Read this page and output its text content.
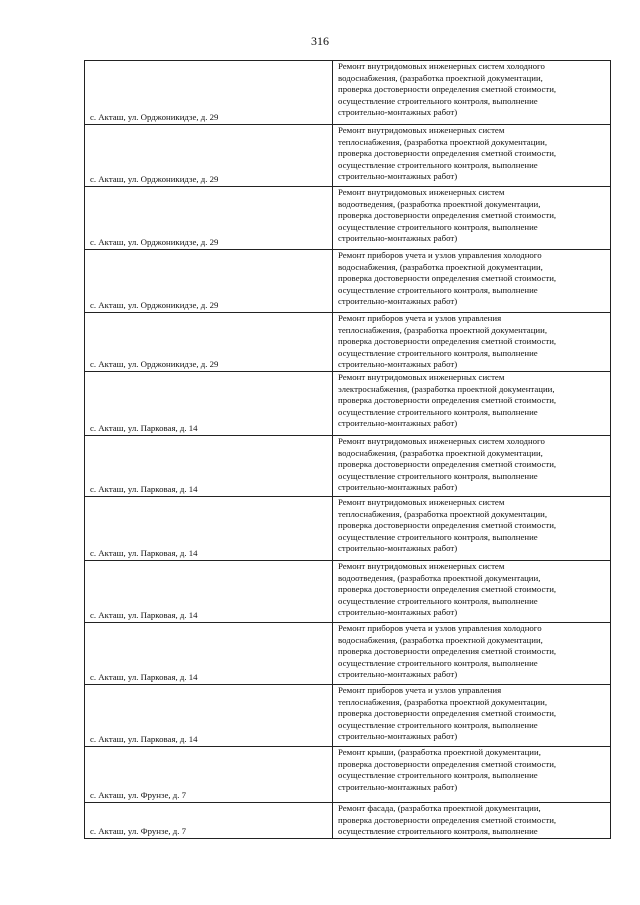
316
с. Акташ, ул. Орджоникидзе, д. 29	Ремонт внутридомовых инженерных систем холодного
водоснабжения, (разработка проектной документации,
проверка достоверности определения сметной стоимости,
осуществление строительного контроля, выполнение
строительно-монтажных работ)

с. Акташ, ул. Орджоникидзе, д. 29	Ремонт внутридомовых инженерных систем
теплоснабжения, (разработка проектной документации,
проверка достоверности определения сметной стоимости,
осуществление строительного контроля, выполнение
строительно-монтажных работ)

с. Акташ, ул. Орджоникидзе, д. 29	Ремонт внутридомовых инженерных систем
водоотведения, (разработка проектной документации,
проверка достоверности определения сметной стоимости,
осуществление строительного контроля, выполнение
строительно-монтажных работ)

с. Акташ, ул. Орджоникидзе, д. 29	Ремонт приборов учета и узлов управления холодного
водоснабжения, (разработка проектной документации,
проверка достоверности определения сметной стоимости,
осуществление строительного контроля, выполнение
строительно-монтажных работ)

с. Акташ, ул. Орджоникидзе, д. 29	Ремонт приборов учета и узлов управления
теплоснабжения, (разработка проектной документации,
проверка достоверности определения сметной стоимости,
осуществление строительного контроля, выполнение
строительно-монтажных работ)

с. Акташ, ул. Парковая, д. 14	Ремонт внутридомовых инженерных систем
электроснабжения, (разработка проектной документации,
проверка достоверности определения сметной стоимости,
осуществление строительного контроля, выполнение
строительно-монтажных работ)

с. Акташ, ул. Парковая, д. 14	Ремонт внутридомовых инженерных систем холодного
водоснабжения, (разработка проектной документации,
проверка достоверности определения сметной стоимости,
осуществление строительного контроля, выполнение
строительно-монтажных работ)

с. Акташ, ул. Парковая, д. 14	Ремонт внутридомовых инженерных систем
теплоснабжения, (разработка проектной документации,
проверка достоверности определения сметной стоимости,
осуществление строительного контроля, выполнение
строительно-монтажных работ)

с. Акташ, ул. Парковая, д. 14	Ремонт внутридомовых инженерных систем
водоотведения, (разработка проектной документации,
проверка достоверности определения сметной стоимости,
осуществление строительного контроля, выполнение
строительно-монтажных работ)

с. Акташ, ул. Парковая, д. 14	Ремонт приборов учета и узлов управления холодного
водоснабжения, (разработка проектной документации,
проверка достоверности определения сметной стоимости,
осуществление строительного контроля, выполнение
строительно-монтажных работ)

с. Акташ, ул. Парковая, д. 14	Ремонт приборов учета и узлов управления
теплоснабжения, (разработка проектной документации,
проверка достоверности определения сметной стоимости,
осуществление строительного контроля, выполнение
строительно-монтажных работ)

с. Акташ, ул. Фрунзе, д. 7	Ремонт крыши, (разработка проектной документации,
проверка достоверности определения сметной стоимости,
осуществление строительного контроля, выполнение
строительно-монтажных работ)

с. Акташ, ул. Фрунзе, д. 7	Ремонт фасада, (разработка проектной документации,
проверка достоверности определения сметной стоимости,
осуществление строительного контроля, выполнение
